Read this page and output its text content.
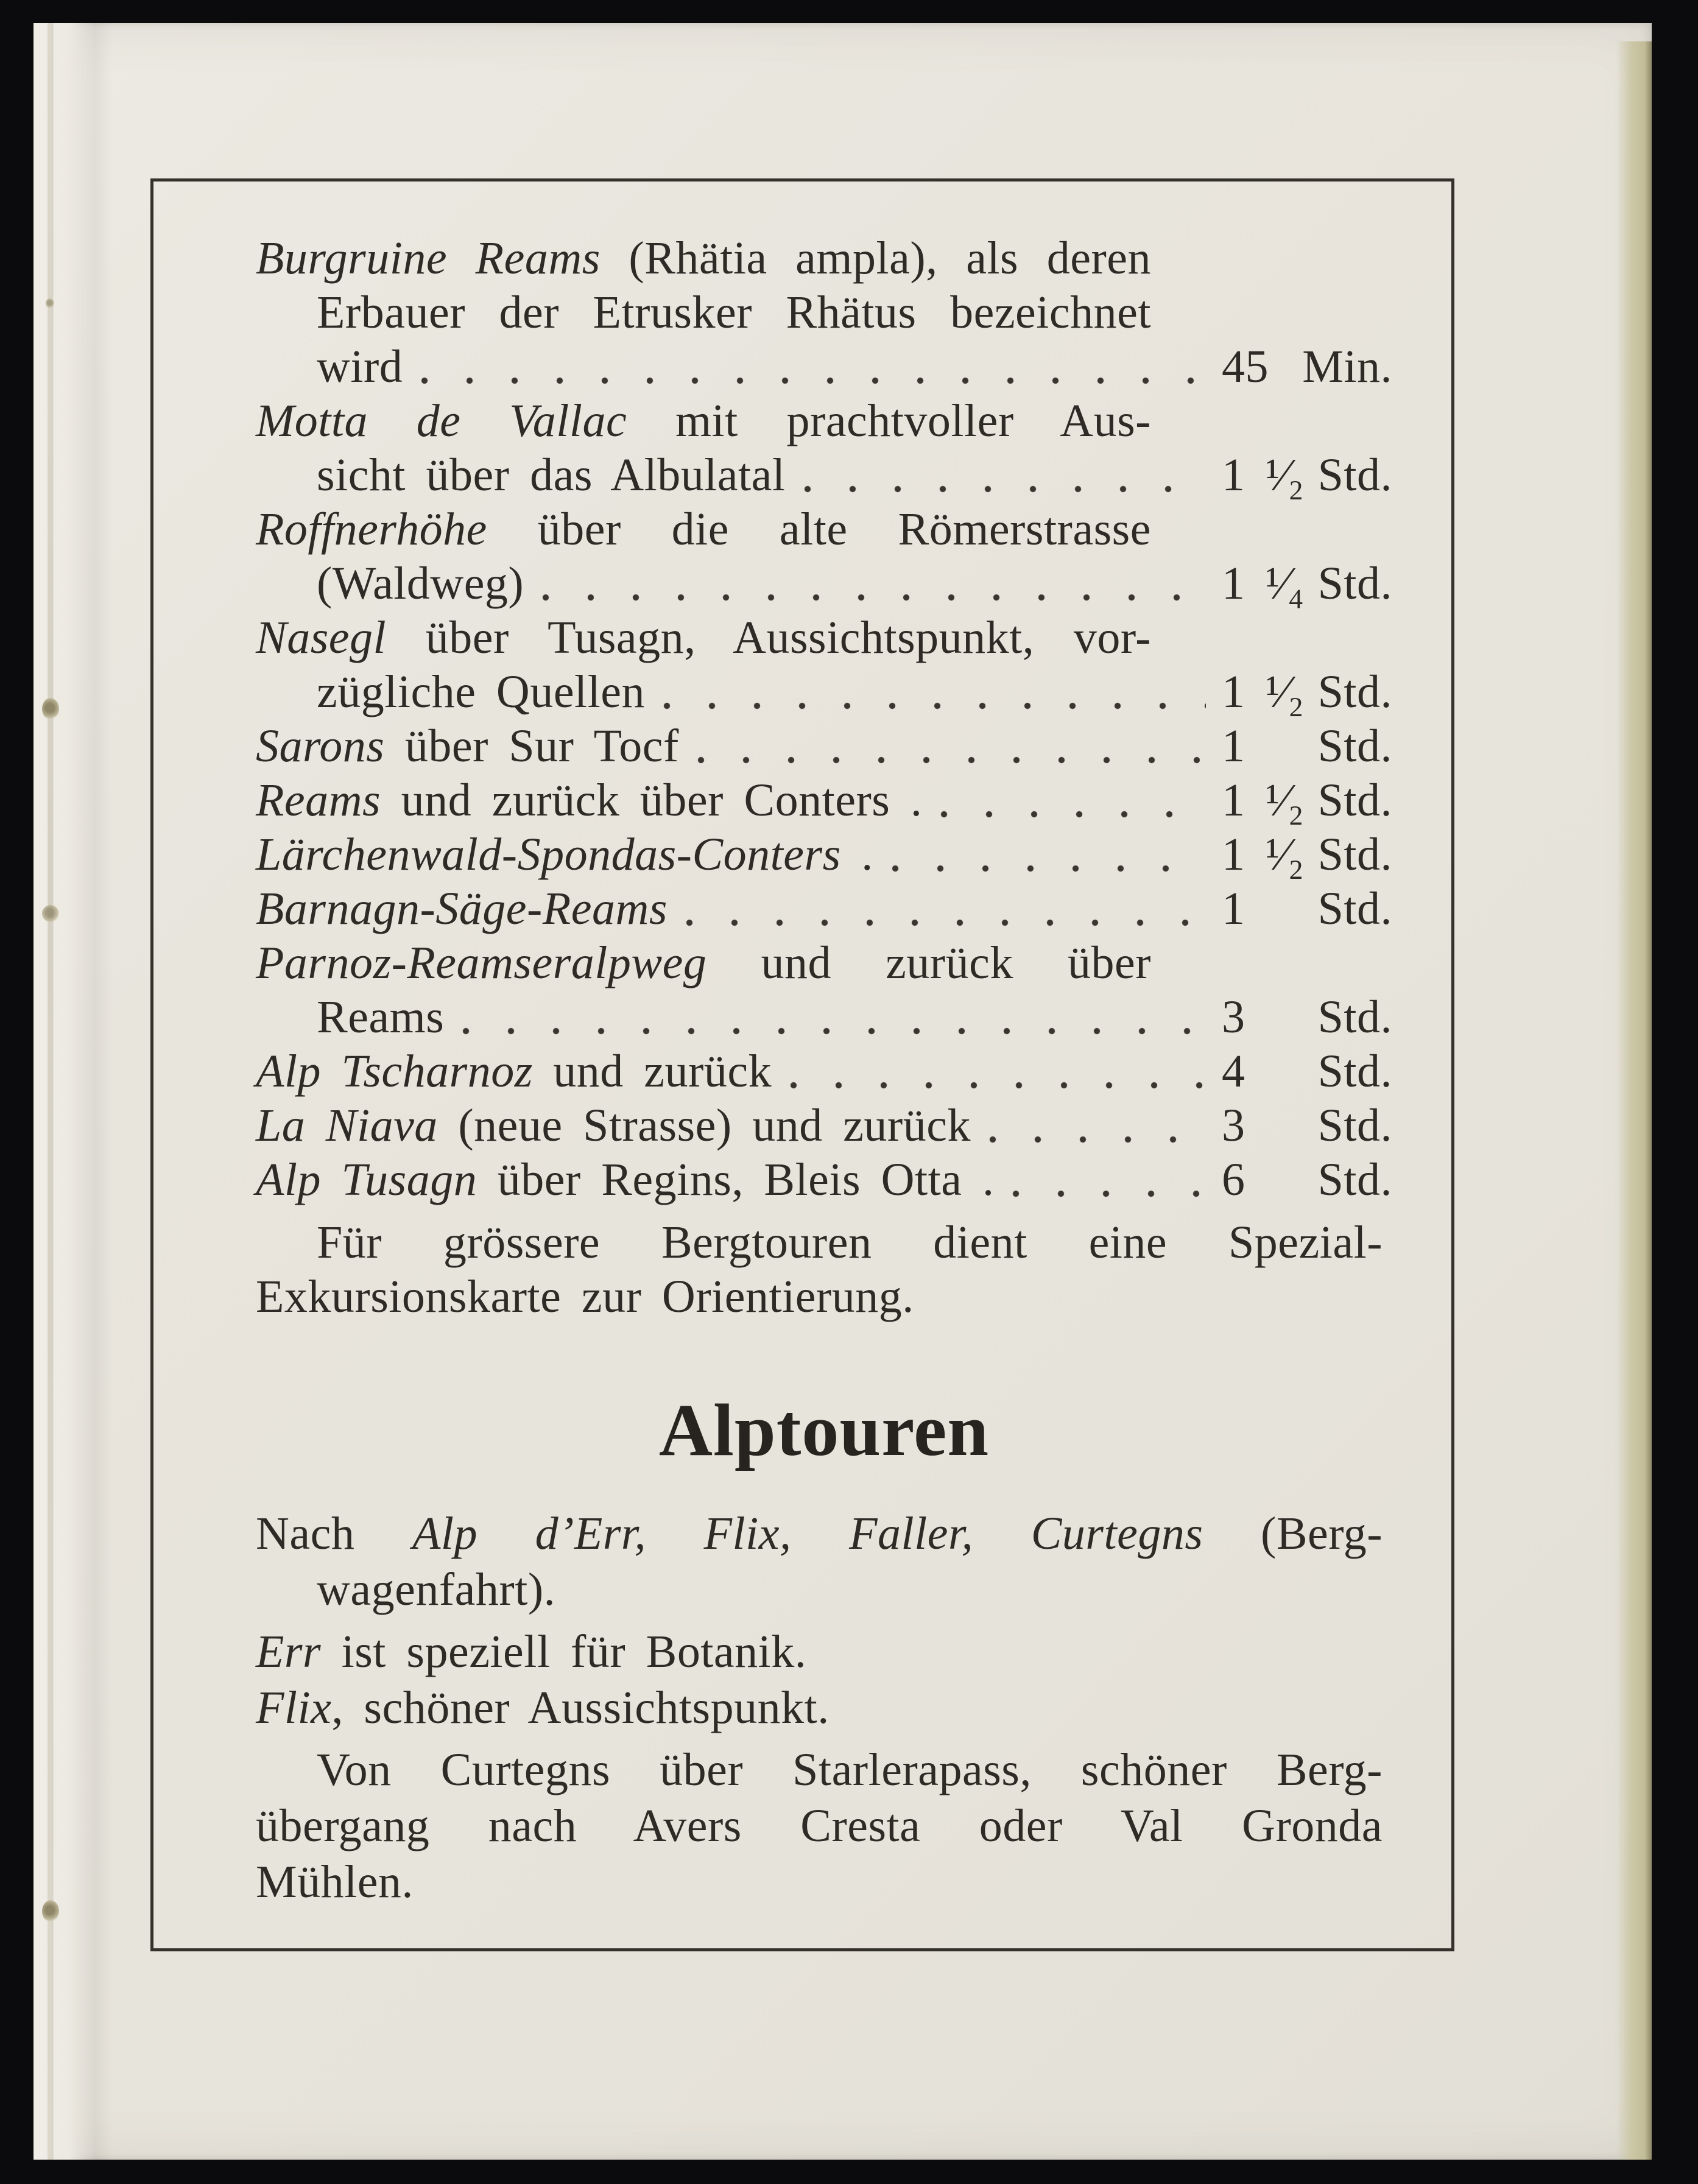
Burgruine Reams (Rhätia ampla), als deren
Erbauer der Etrusker Rhätus bezeichnet
wird	45 Min.
Motta de Vallac mit prachtvoller Aus-
sicht über das Albulatal	1 ¹⁄₂ Std.
Roffnerhöhe über die alte Römerstrasse
(Waldweg)	1 ¹⁄₄ Std.
Nasegl über Tusagn, Aussichtspunkt, vor-
zügliche Quellen	1 ¹⁄₂ Std.
Sarons über Sur Tocf	1 Std.
Reams und zurück über Conters .	1 ¹⁄₂ Std.
Lärchenwald-Spondas-Conters .	1 ¹⁄₂ Std.
Barnagn-Säge-Reams	1 Std.
Parnoz-Reamseralpweg und zurück über
Reams	3 Std.
Alp Tscharnoz und zurück	4 Std.
La Niava (neue Strasse) und zurück	3 Std.
Alp Tusagn über Regins, Bleis Otta .	6 Std.
Für grössere Bergtouren dient eine Spezial-
Exkursionskarte zur Orientierung.
Alptouren
Nach Alp d’Err, Flix, Faller, Curtegns (Berg-
wagenfahrt).
Err ist speziell für Botanik.
Flix, schöner Aussichtspunkt.
Von Curtegns über Starlerapass, schöner Berg-
übergang nach Avers Cresta oder Val Gronda
Mühlen.
